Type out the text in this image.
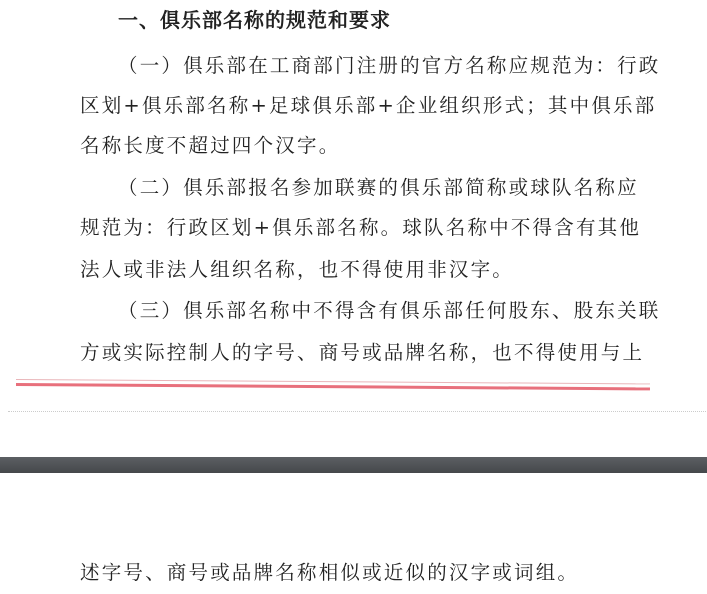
一、俱乐部名称的规范和要求
（一）俱乐部在工商部门注册的官方名称应规范为：行政
区划+俱乐部名称+足球俱乐部+企业组织形式；其中俱乐部
名称长度不超过四个汉字。
（二）俱乐部报名参加联赛的俱乐部简称或球队名称应
规范为：行政区划+俱乐部名称。球队名称中不得含有其他
法人或非法人组织名称，也不得使用非汉字。
（三）俱乐部名称中不得含有俱乐部任何股东、股东关联
方或实际控制人的字号、商号或品牌名称，也不得使用与上
述字号、商号或品牌名称相似或近似的汉字或词组。
